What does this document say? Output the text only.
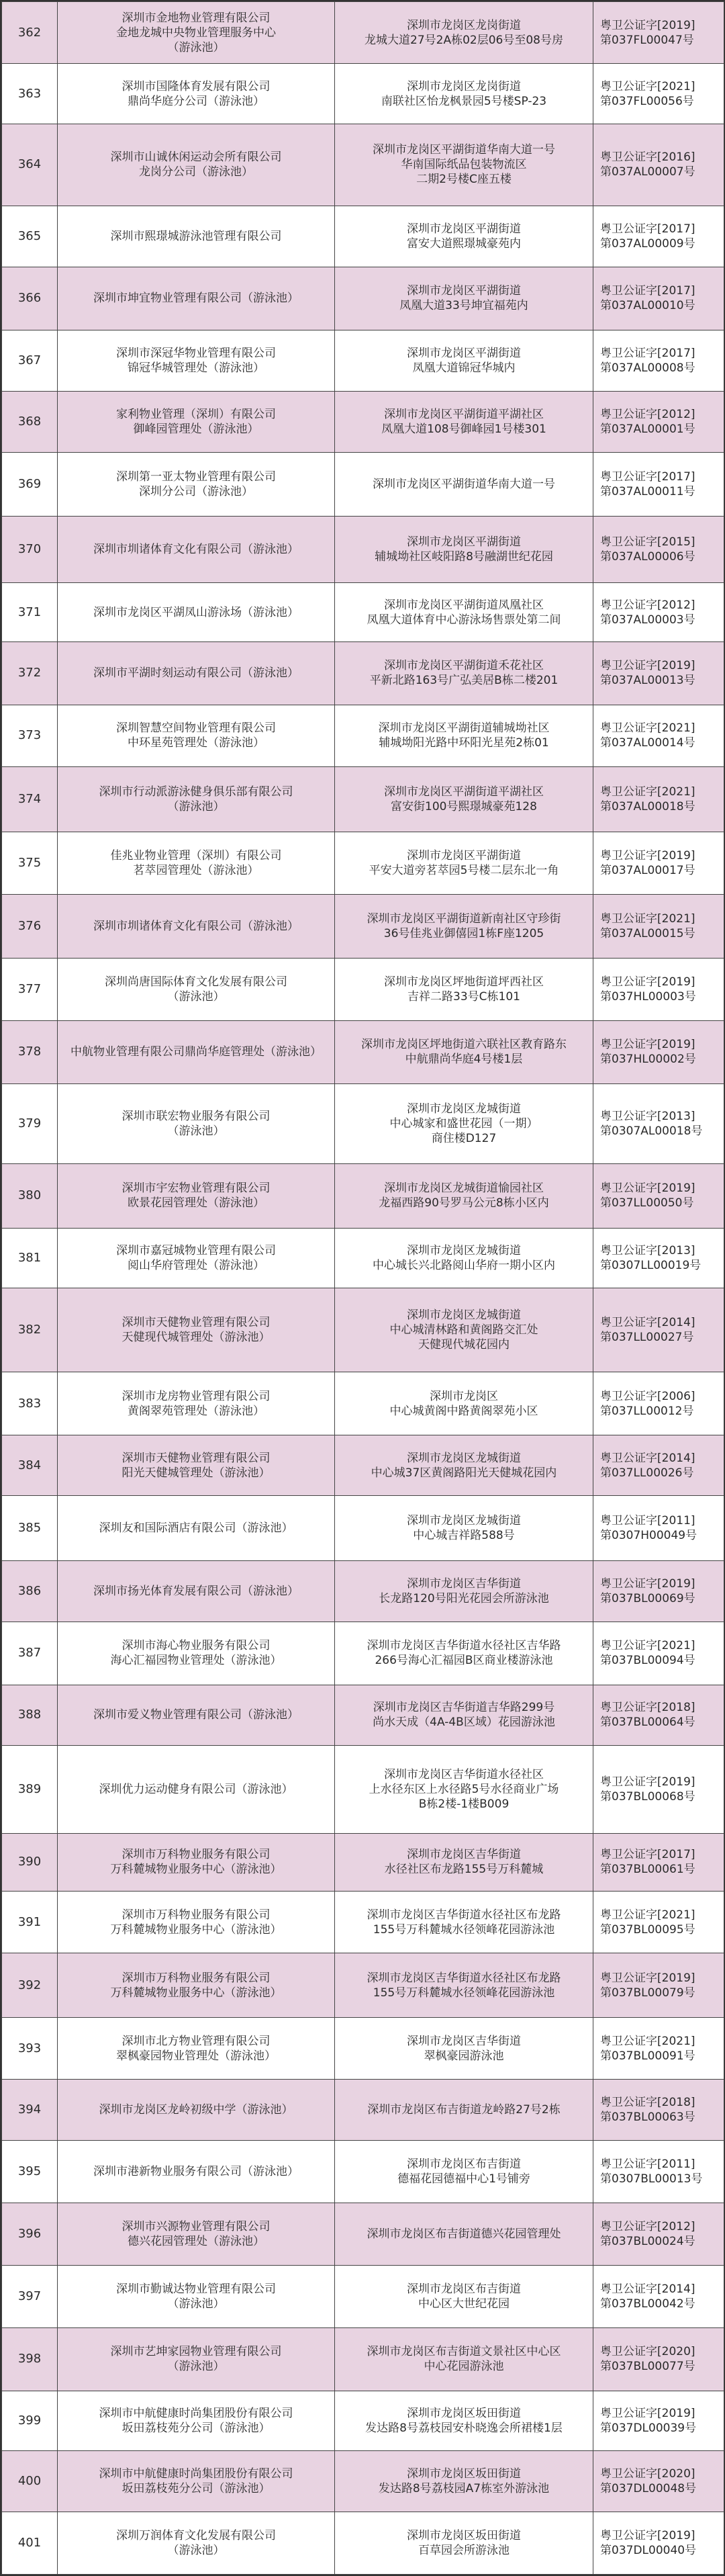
362	深圳市金地物业管理有限公司
金地龙城中央物业管理服务中心
（游泳池）	深圳市龙岗区龙岗街道
龙城大道27号2A栋02层06号至08号房	粤卫公证字[2019]
第037FL00047号
363	深圳市国隆体育发展有限公司
鼎尚华庭分公司（游泳池）	深圳市龙岗区龙岗街道
南联社区怡龙枫景园5号楼SP-23	粤卫公证字[2021]
第037FL00056号
364	深圳市山诚休闲运动会所有限公司
龙岗分公司（游泳池）	深圳市龙岗区平湖街道华南大道一号
华南国际纸品包装物流区
二期2号楼C座五楼	粤卫公证字[2016]
第037AL00007号
365	深圳市熙璟城游泳池管理有限公司	深圳市龙岗区平湖街道
富安大道熙璟城豪苑内	粤卫公证字[2017]
第037AL00009号
366	深圳市坤宜物业管理有限公司（游泳池）	深圳市龙岗区平湖街道
凤凰大道33号坤宜福苑内	粤卫公证字[2017]
第037AL00010号
367	深圳市深冠华物业管理有限公司
锦冠华城管理处（游泳池）	深圳市龙岗区平湖街道
凤凰大道锦冠华城内	粤卫公证字[2017]
第037AL00008号
368	家利物业管理（深圳）有限公司
御峰园管理处（游泳池）	深圳市龙岗区平湖街道平湖社区
凤凰大道108号御峰园1号楼301	粤卫公证字[2012]
第037AL00001号
369	深圳第一亚太物业管理有限公司
深圳分公司（游泳池）	深圳市龙岗区平湖街道华南大道一号	粤卫公证字[2017]
第037AL00011号
370	深圳市圳诸体育文化有限公司（游泳池）	深圳市龙岗区平湖街道
辅城坳社区岐阳路8号融湖世纪花园	粤卫公证字[2015]
第037AL00006号
371	深圳市龙岗区平湖凤山游泳场（游泳池）	深圳市龙岗区平湖街道凤凰社区
凤凰大道体育中心游泳场售票处第二间	粤卫公证字[2012]
第037AL00003号
372	深圳市平湖时刻运动有限公司（游泳池）	深圳市龙岗区平湖街道禾花社区
平新北路163号广弘美居B栋二楼201	粤卫公证字[2019]
第037AL00013号
373	深圳智慧空间物业管理有限公司
中环星苑管理处（游泳池）	深圳市龙岗区平湖街道辅城坳社区
辅城坳阳光路中环阳光星苑2栋01	粤卫公证字[2021]
第037AL00014号
374	深圳市行动派游泳健身俱乐部有限公司
（游泳池）	深圳市龙岗区平湖街道平湖社区
富安街100号熙璟城豪苑128	粤卫公证字[2021]
第037AL00018号
375	佳兆业物业管理（深圳）有限公司
茗萃园管理处（游泳池）	深圳市龙岗区平湖街道
平安大道旁茗萃园5号楼二层东北一角	粤卫公证字[2019]
第037AL00017号
376	深圳市圳诸体育文化有限公司（游泳池）	深圳市龙岗区平湖街道新南社区守珍街
36号佳兆业御僖园1栋F座1205	粤卫公证字[2021]
第037AL00015号
377	深圳尚唐国际体育文化发展有限公司
（游泳池）	深圳市龙岗区坪地街道坪西社区
吉祥二路33号C栋101	粤卫公证字[2019]
第037HL00003号
378	中航物业管理有限公司鼎尚华庭管理处（游泳池）	深圳市龙岗区坪地街道六联社区教育路东
中航鼎尚华庭4号楼1层	粤卫公证字[2019]
第037HL00002号
379	深圳市联宏物业服务有限公司
（游泳池）	深圳市龙岗区龙城街道
中心城家和盛世花园（一期）
商住楼D127	粤卫公证字[2013]
第0307AL00018号
380	深圳市宇宏物业管理有限公司
欧景花园管理处（游泳池）	深圳市龙岗区龙城街道愉园社区
龙福西路90号罗马公元8栋小区内	粤卫公证字[2019]
第037LL00050号
381	深圳市嘉冠城物业管理有限公司
阅山华府管理处（游泳池）	深圳市龙岗区龙城街道
中心城长兴北路阅山华府一期小区内	粤卫公证字[2013]
第0307LL00019号
382	深圳市天健物业管理有限公司
天健现代城管理处（游泳池）	深圳市龙岗区龙城街道
中心城清林路和黄阁路交汇处
天健现代城花园内	粤卫公证字[2014]
第037LL00027号
383	深圳市龙房物业管理有限公司
黄阁翠苑管理处（游泳池）	深圳市龙岗区
中心城黄阁中路黄阁翠苑小区	粤卫公证字[2006]
第037LL00012号
384	深圳市天健物业管理有限公司
阳光天健城管理处（游泳池）	深圳市龙岗区龙城街道
中心城37区黄阁路阳光天健城花园内	粤卫公证字[2014]
第037LL00026号
385	深圳友和国际酒店有限公司（游泳池）	深圳市龙岗区龙城街道
中心城吉祥路588号	粤卫公证字[2011]
第0307H00049号
386	深圳市扬光体育发展有限公司（游泳池）	深圳市龙岗区吉华街道
长龙路120号阳光花园会所游泳池	粤卫公证字[2019]
第037BL00069号
387	深圳市海心物业服务有限公司
海心汇福园物业管理处（游泳池）	深圳市龙岗区吉华街道水径社区吉华路
266号海心汇福园B区商业楼游泳池	粤卫公证字[2021]
第037BL00094号
388	深圳市爱义物业管理有限公司（游泳池）	深圳市龙岗区吉华街道吉华路299号
尚水天成（4A-4B区域）花园游泳池	粤卫公证字[2018]
第037BL00064号
389	深圳优力运动健身有限公司（游泳池）	深圳市龙岗区吉华街道水径社区
上水径东区上水径路5号水径商业广场
B栋2楼-1楼B009	粤卫公证字[2019]
第037BL00068号
390	深圳市万科物业服务有限公司
万科麓城物业服务中心（游泳池）	深圳市龙岗区吉华街道
水径社区布龙路155号万科麓城	粤卫公证字[2017]
第037BL00061号
391	深圳市万科物业服务有限公司
万科麓城物业服务中心（游泳池）	深圳市龙岗区吉华街道水径社区布龙路
155号万科麓城水径领峰花园游泳池	粤卫公证字[2021]
第037BL00095号
392	深圳市万科物业服务有限公司
万科麓城物业服务中心（游泳池）	深圳市龙岗区吉华街道水径社区布龙路
155号万科麓城水径领峰花园游泳池	粤卫公证字[2019]
第037BL00079号
393	深圳市北方物业管理有限公司
翠枫豪园物业管理处（游泳池）	深圳市龙岗区吉华街道
翠枫豪园游泳池	粤卫公证字[2021]
第037BL00091号
394	深圳市龙岗区龙岭初级中学（游泳池）	深圳市龙岗区布吉街道龙岭路27号2栋	粤卫公证字[2018]
第037BL00063号
395	深圳市港新物业服务有限公司（游泳池）	深圳市龙岗区布吉街道
德福花园德福中心1号铺旁	粤卫公证字[2011]
第0307BL00013号
396	深圳市兴源物业管理有限公司
德兴花园管理处（游泳池）	深圳市龙岗区布吉街道德兴花园管理处	粤卫公证字[2012]
第037BL00024号
397	深圳市勤诚达物业管理有限公司
（游泳池）	深圳市龙岗区布吉街道
中心区大世纪花园	粤卫公证字[2014]
第037BL00042号
398	深圳市艺坤家园物业管理有限公司
（游泳池）	深圳市龙岗区布吉街道文景社区中心区
中心花园游泳池	粤卫公证字[2020]
第037BL00077号
399	深圳市中航健康时尚集团股份有限公司
坂田荔枝苑分公司（游泳池）	深圳市龙岗区坂田街道
发达路8号荔枝园安朴晓逸会所裙楼1层	粤卫公证字[2019]
第037DL00039号
400	深圳市中航健康时尚集团股份有限公司
坂田荔枝苑分公司（游泳池）	深圳市龙岗区坂田街道
发达路8号荔枝园A7栋室外游泳池	粤卫公证字[2020]
第037DL00048号
401	深圳万润体育文化发展有限公司
（游泳池）	深圳市龙岗区坂田街道
百草园会所游泳池	粤卫公证字[2019]
第037DL00040号
